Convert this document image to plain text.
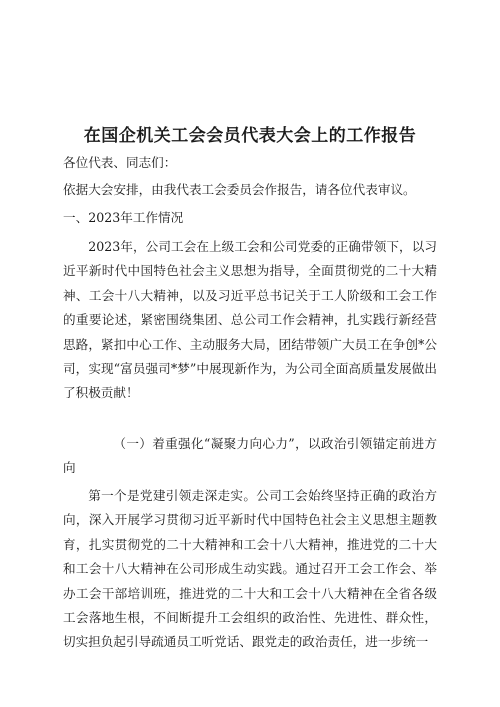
在国企机关工会会员代表大会上的工作报告
各位代表、同志们：
依据大会安排，由我代表工会委员会作报告，请各位代表审议。
一、2023年工作情况
2023年，公司工会在上级工会和公司党委的正确带领下，以习近平新时代中国特色社会主义思想为指导，全面贯彻党的二十大精神、工会十八大精神，以及习近平总书记关于工人阶级和工会工作的重要论述，紧密围绕集团、总公司工作会精神，扎实践行新经营思路，紧扣中心工作、主动服务大局，团结带领广大员工在争创*公司，实现“富员强司*梦”中展现新作为，为公司全面高质量发展做出了积极贡献！
（一）着重强化“凝聚力向心力”，以政治引领锚定前进方向
第一个是党建引领走深走实。公司工会始终坚持正确的政治方向，深入开展学习贯彻习近平新时代中国特色社会主义思想主题教育，扎实贯彻党的二十大精神和工会十八大精神，推进党的二十大和工会十八大精神在公司形成生动实践。通过召开工会工作会、举办工会干部培训班，推进党的二十大和工会十八大精神在全省各级工会落地生根，不间断提升工会组织的政治性、先进性、群众性，切实担负起引导疏通员工听党话、跟党走的政治责任，进一步统一
